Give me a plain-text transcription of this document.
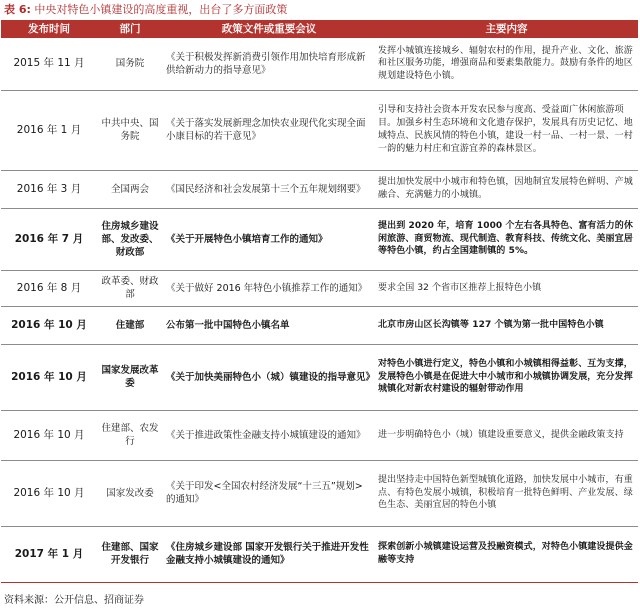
表 6: 中央对特色小镇建设的高度重视，出台了多方面政策
发布时间	部门	政策文件或重要会议	主要内容
2015 年 11 月	国务院	《关于积极发挥新消费引领作用加快培育形成新供给新动力的指导意见》	发挥小城镇连接城乡、辐射农村的作用，提升产业、文化、旅游和社区服务功能，增强商品和要素集散能力。鼓励有条件的地区规划建设特色小镇。
2016 年 1 月	中共中央、国务院	《关于落实发展新理念加快农业现代化实现全面小康目标的若干意见》	引导和支持社会资本开发农民参与度高、受益面广休闲旅游项目。加强乡村生态环境和文化遗存保护，发展具有历史记忆、地域特点、民族风情的特色小镇，建设一村一品、一村一景、一村一韵的魅力村庄和宜游宜养的森林景区。
2016 年 3 月	全国两会	《国民经济和社会发展第十三个五年规划纲要》	提出加快发展中小城市和特色镇，因地制宜发展特色鲜明、产城融合、充满魅力的小城镇。
2016 年 7 月	住房城乡建设部、发改委、财政部	《关于开展特色小镇培育工作的通知》	提出到 2020 年，培育 1000 个左右各具特色、富有活力的休闲旅游、商贸物流、现代制造、教育科技、传统文化、美丽宜居等特色小镇，约占全国建制镇的 5%。
2016 年 8 月	政革委、财政部	《关于做好 2016 年特色小镇推荐工作的通知》	要求全国 32 个省市区推荐上报特色小镇
2016 年 10 月	住建部	公布第一批中国特色小镇名单	北京市房山区长沟镇等 127 个镇为第一批中国特色小镇
2016 年 10 月	国家发展改革委	《关于加快美丽特色小（城）镇建设的指导意见》	对特色小镇进行定义，特色小镇和小城镇相得益彰、互为支撑，发展特色小镇是在促进大中小城市和小城镇协调发展，充分发挥城镇化对新农村建设的辐射带动作用
2016 年 10 月	住建部、农发行	《关于推进政策性金融支持小城镇建设的通知》	进一步明确特色小（城）镇建设重要意义，提供金融政策支持
2016 年 10 月	国家发改委	《关于印发<全国农村经济发展“十三五”规划>的通知》	提出坚持走中国特色新型城镇化道路，加快发展中小城市，有重点、有特色发展小城镇，积极培育一批特色鲜明、产业发展、绿色生态、美丽宜居的特色小镇
2017 年 1 月	住建部、国家开发银行	《住房城乡建设部 国家开发银行关于推进开发性金融支持小城镇建设的通知》	探索创新小城镇建设运营及投融资模式，对特色小镇建设提供金融等支持
资料来源：公开信息、招商证券
